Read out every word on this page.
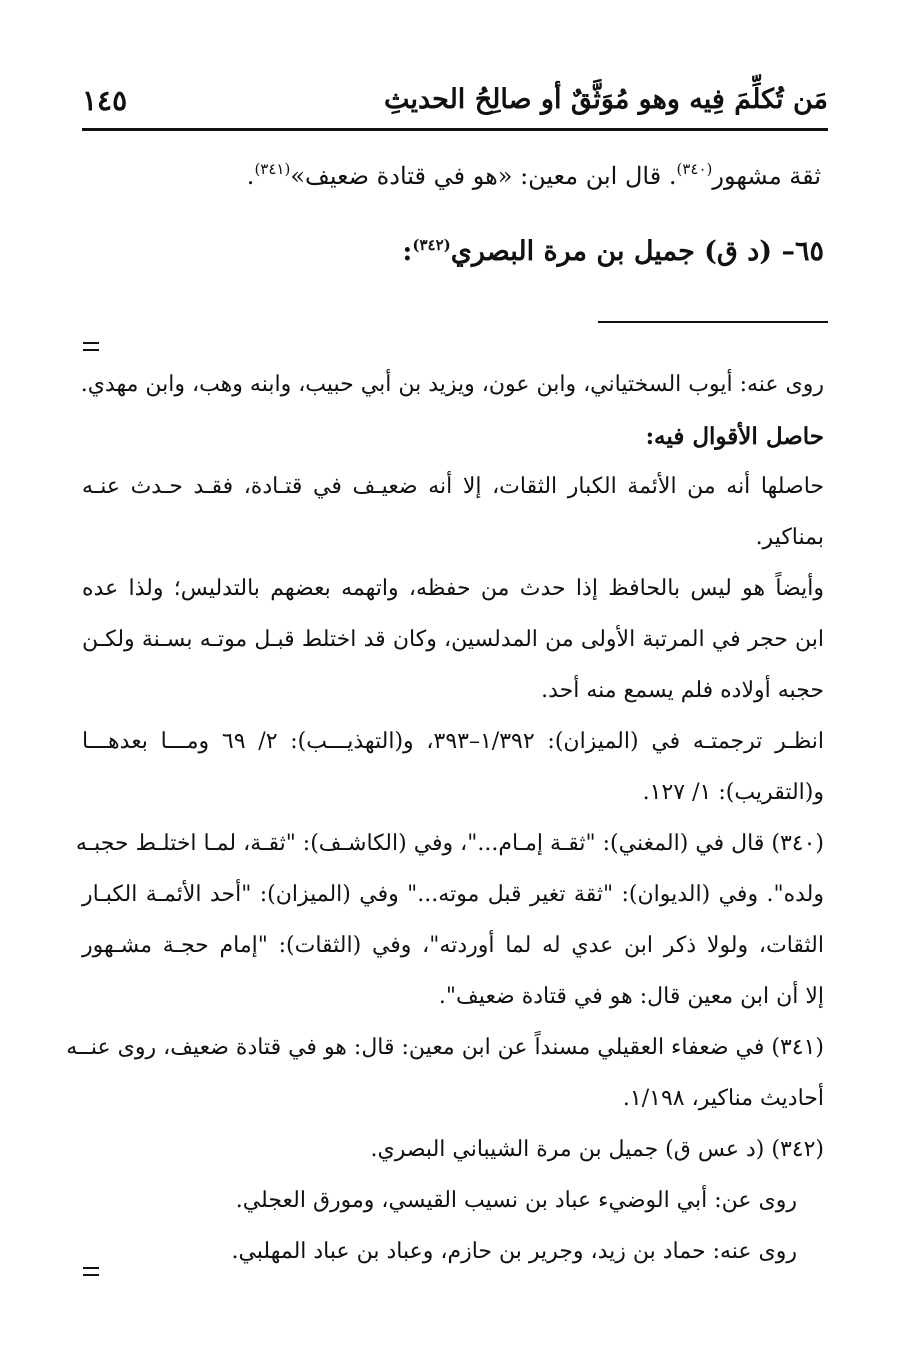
مَن تُكلِّمَ فِيه وهو مُوَثَّقٌ أو صالِحُ الحديثِ
١٤٥
ثقة مشهور$^{(٣٤٠)}$. قال ابن معين: «هو في قتادة ضعيف»$^{(٣٤١)}$.
٦٥– (د ق) جميل بن مرة البصري$^{(٣٤٢)}$:
روى عنه: أيوب السختياني، وابن عون، ويزيد بن أبي حبيب، وابنه وهب، وابن مهدي.
حاصل الأقوال فيه:
حاصلها أنه من الأئمة الكبار الثقات، إلا أنه ضعيـف في قتـادة، فقـد حـدث عنـه
بمناكير.
وأيضاً هو ليس بالحافظ إذا حدث من حفظه، واتهمه بعضهم بالتدليس؛ ولذا عده
ابن حجر في المرتبة الأولى من المدلسين، وكان قد اختلط قبـل موتـه بسـنة ولكـن
حجبه أولاده فلم يسمع منه أحد.
انظـر ترجمتـه في (الميزان): ١/٣٩٢–٣٩٣، و(التهذيـــب): ٢/ ٦٩ ومـــا بعدهـــا
و(التقريب): ١/ ١٢٧.
(٣٤٠) قال في (المغني): "ثقـة إمـام..."، وفي (الكاشـف): "ثقـة، لمـا اختلـط حجبـه
ولده". وفي (الديوان): "ثقة تغير قبل موته..." وفي (الميزان): "أحد الأئمـة الكبـار
الثقات، ولولا ذكر ابن عدي له لما أوردته"، وفي (الثقات): "إمام حجـة مشـهور
إلا أن ابن معين قال: هو في قتادة ضعيف".
(٣٤١) في ضعفاء العقيلي مسنداً عن ابن معين: قال: هو في قتادة ضعيف، روى عنــه
أحاديث مناكير، ١/١٩٨.
(٣٤٢) (د عس ق) جميل بن مرة الشيباني البصري.
روى عن: أبي الوضيء عباد بن نسيب القيسي، ومورق العجلي.
روى عنه: حماد بن زيد، وجرير بن حازم، وعباد بن عباد المهلبي.
